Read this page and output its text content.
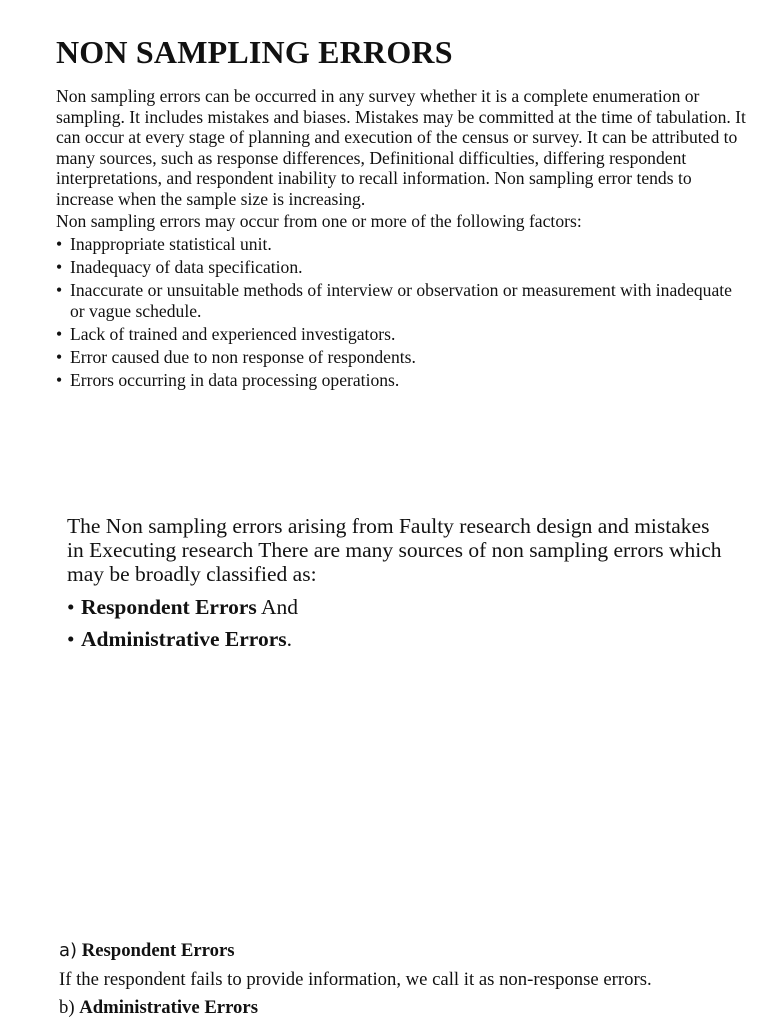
NON SAMPLING ERRORS

Non sampling errors can be occurred in any survey whether it is a complete enumeration or sampling. It includes mistakes and biases. Mistakes may be committed at the time of tabulation. It can occur at every stage of planning and execution of the census or survey. It can be attributed to many sources, such as response differences, Definitional difficulties, differing respondent interpretations, and respondent inability to recall information. Non sampling error tends to increase when the sample size is increasing.

Non sampling errors may occur from one or more of the following factors:

• Inappropriate statistical unit.
• Inadequacy of data specification.
• Inaccurate or unsuitable methods of interview or observation or measurement with inadequate or vague schedule.
• Lack of trained and experienced investigators.
• Error caused due to non response of respondents.
• Errors occurring in data processing operations.

The Non sampling errors arising from Faulty research design and mistakes in Executing research There are many sources of non sampling errors which may be broadly classified as:

• Respondent Errors And
• Administrative Errors.

a) Respondent Errors

If the respondent fails to provide information, we call it as non-response errors.

b) Administrative Errors
